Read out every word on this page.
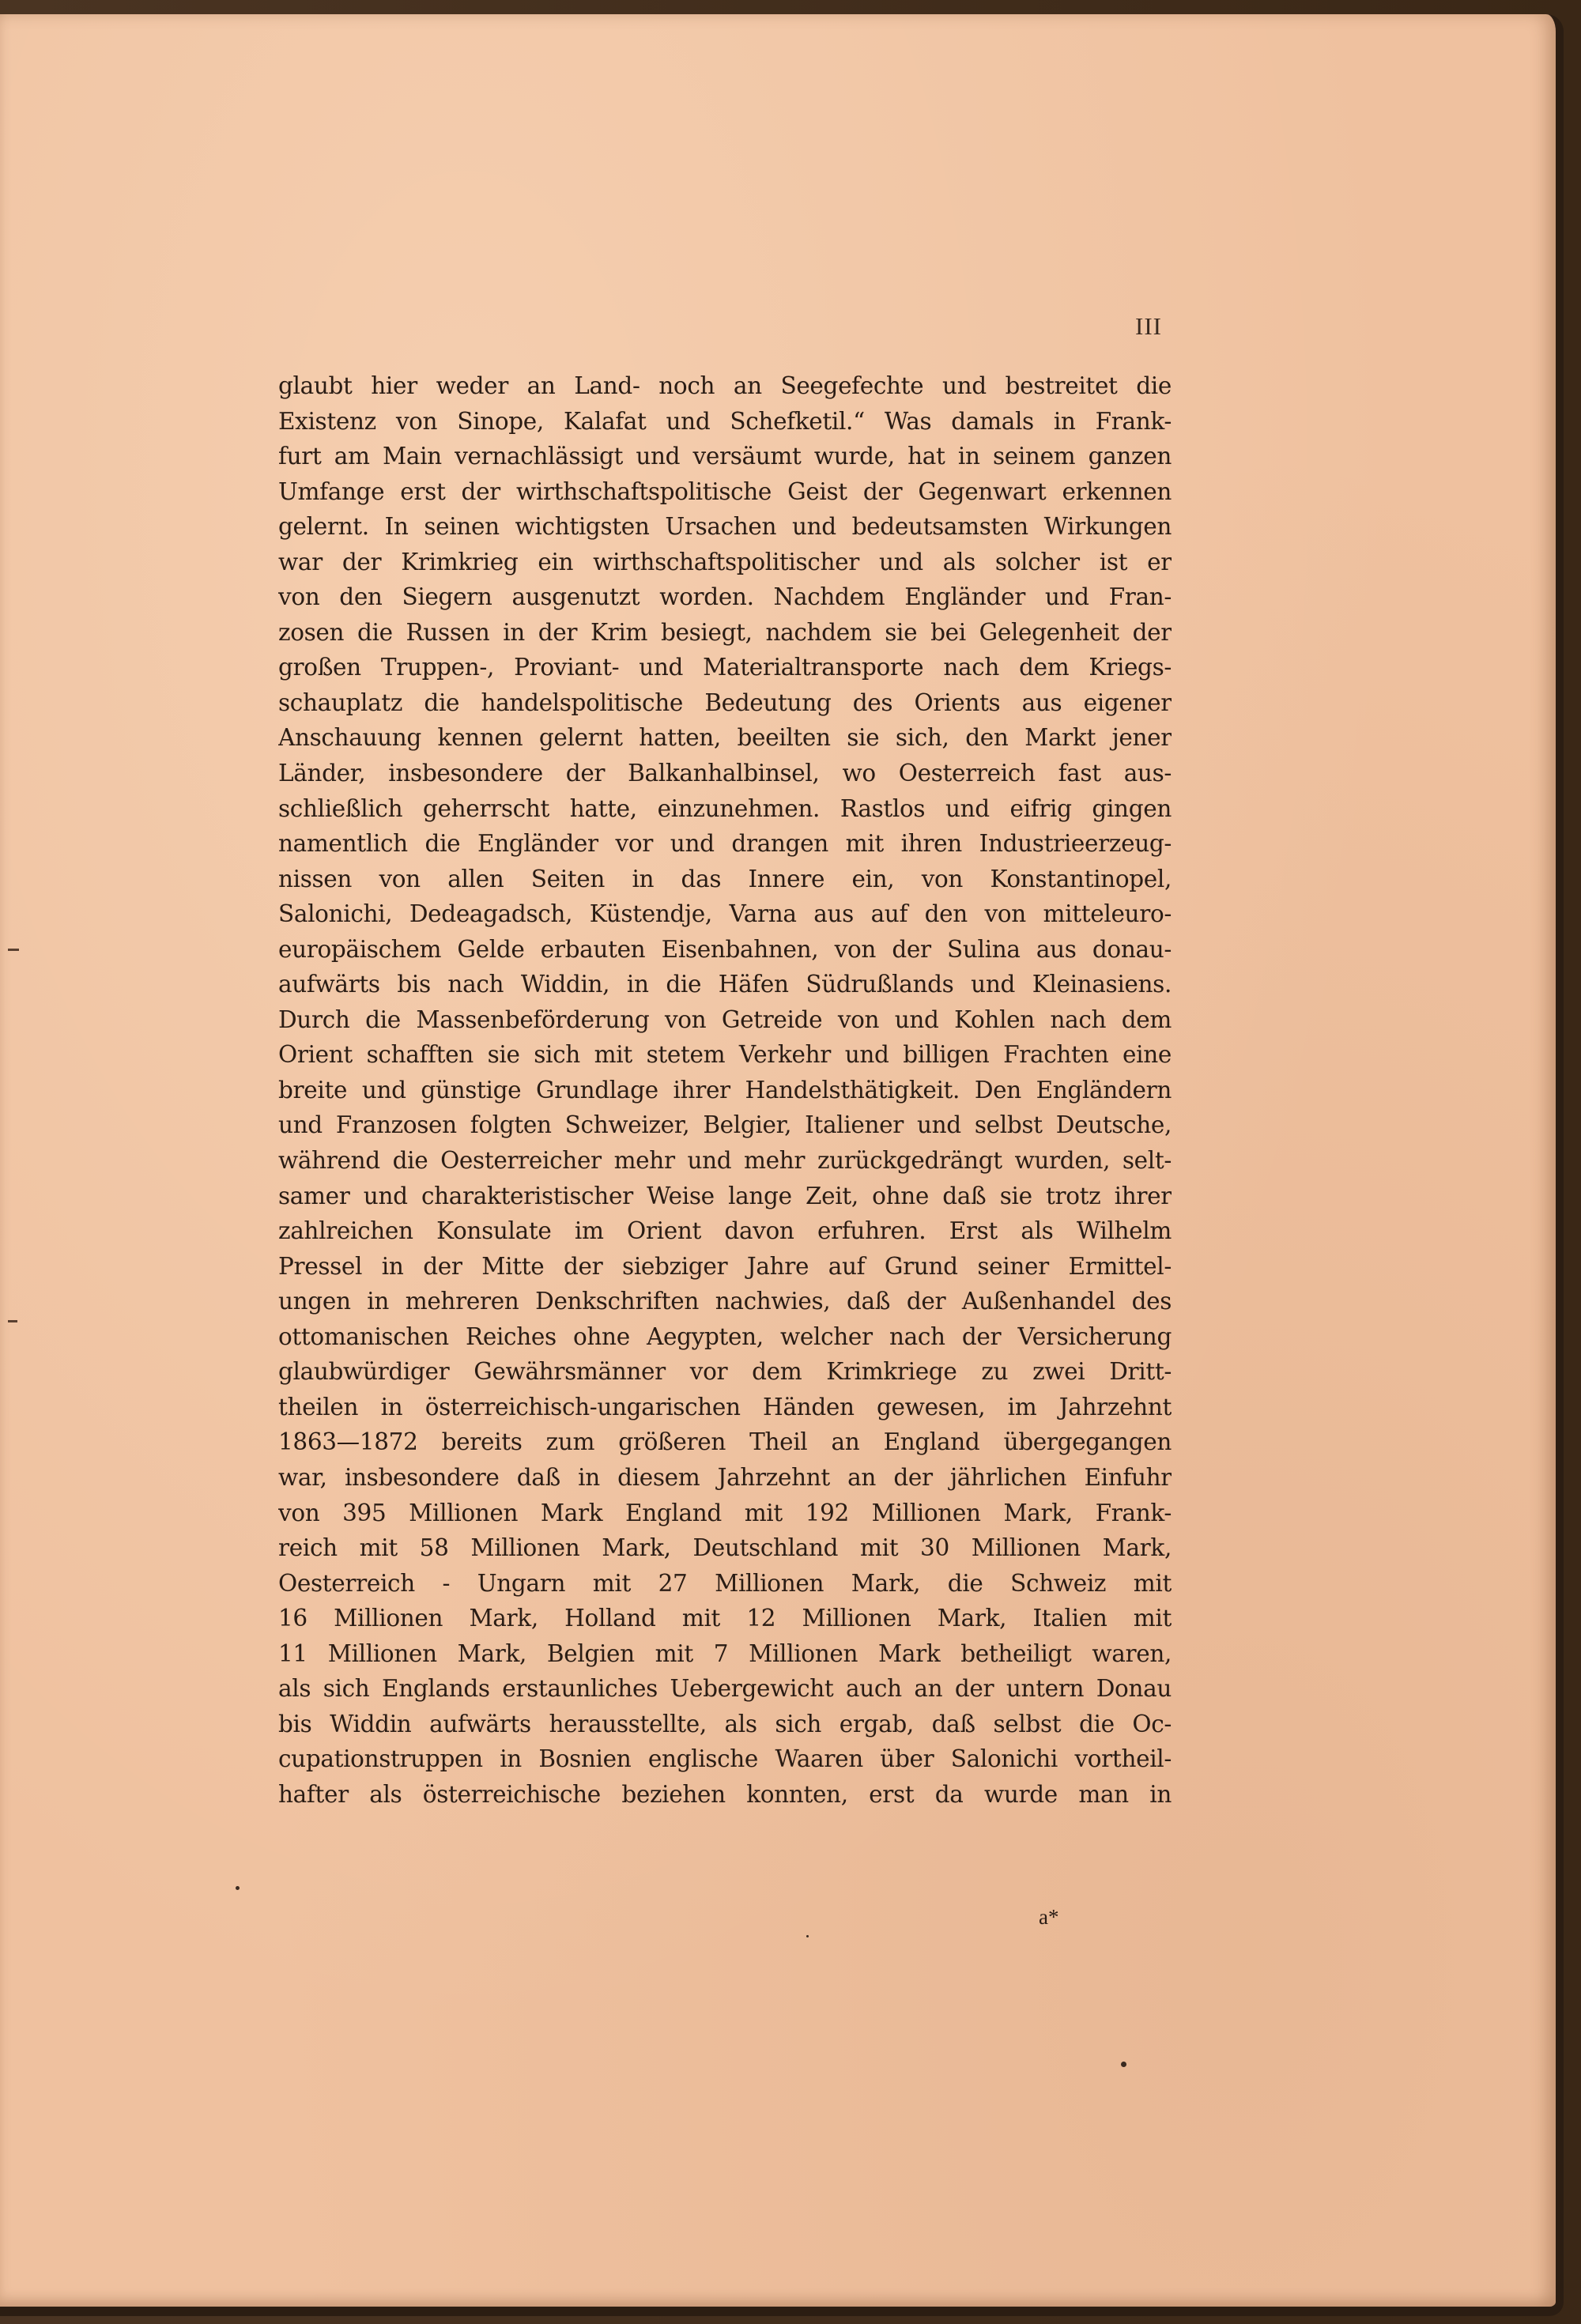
III
glaubt hier weder an Land- noch an Seegefechte und bestreitet die
Existenz von Sinope, Kalafat und Schefketil.“ Was damals in Frank-
furt am Main vernachlässigt und versäumt wurde, hat in seinem ganzen
Umfange erst der wirthschaftspolitische Geist der Gegenwart erkennen
gelernt. In seinen wichtigsten Ursachen und bedeutsamsten Wirkungen
war der Krimkrieg ein wirthschaftspolitischer und als solcher ist er
von den Siegern ausgenutzt worden. Nachdem Engländer und Fran-
zosen die Russen in der Krim besiegt, nachdem sie bei Gelegenheit der
großen Truppen-, Proviant- und Materialtransporte nach dem Kriegs-
schauplatz die handelspolitische Bedeutung des Orients aus eigener
Anschauung kennen gelernt hatten, beeilten sie sich, den Markt jener
Länder, insbesondere der Balkanhalbinsel, wo Oesterreich fast aus-
schließlich geherrscht hatte, einzunehmen. Rastlos und eifrig gingen
namentlich die Engländer vor und drangen mit ihren Industrieerzeug-
nissen von allen Seiten in das Innere ein, von Konstantinopel,
Salonichi, Dedeagadsch, Küstendje, Varna aus auf den von mitteleuro-
europäischem Gelde erbauten Eisenbahnen, von der Sulina aus donau-
aufwärts bis nach Widdin, in die Häfen Südrußlands und Kleinasiens.
Durch die Massenbeförderung von Getreide von und Kohlen nach dem
Orient schafften sie sich mit stetem Verkehr und billigen Frachten eine
breite und günstige Grundlage ihrer Handelsthätigkeit. Den Engländern
und Franzosen folgten Schweizer, Belgier, Italiener und selbst Deutsche,
während die Oesterreicher mehr und mehr zurückgedrängt wurden, selt-
samer und charakteristischer Weise lange Zeit, ohne daß sie trotz ihrer
zahlreichen Konsulate im Orient davon erfuhren. Erst als Wilhelm
Pressel in der Mitte der siebziger Jahre auf Grund seiner Ermittel-
ungen in mehreren Denkschriften nachwies, daß der Außenhandel des
ottomanischen Reiches ohne Aegypten, welcher nach der Versicherung
glaubwürdiger Gewährsmänner vor dem Krimkriege zu zwei Dritt-
theilen in österreichisch-ungarischen Händen gewesen, im Jahrzehnt
1863—1872 bereits zum größeren Theil an England übergegangen
war, insbesondere daß in diesem Jahrzehnt an der jährlichen Einfuhr
von 395 Millionen Mark England mit 192 Millionen Mark, Frank-
reich mit 58 Millionen Mark, Deutschland mit 30 Millionen Mark,
Oesterreich - Ungarn mit 27 Millionen Mark, die Schweiz mit
16 Millionen Mark, Holland mit 12 Millionen Mark, Italien mit
11 Millionen Mark, Belgien mit 7 Millionen Mark betheiligt waren,
als sich Englands erstaunliches Uebergewicht auch an der untern Donau
bis Widdin aufwärts herausstellte, als sich ergab, daß selbst die Oc-
cupationstruppen in Bosnien englische Waaren über Salonichi vortheil-
hafter als österreichische beziehen konnten, erst da wurde man in
a*
